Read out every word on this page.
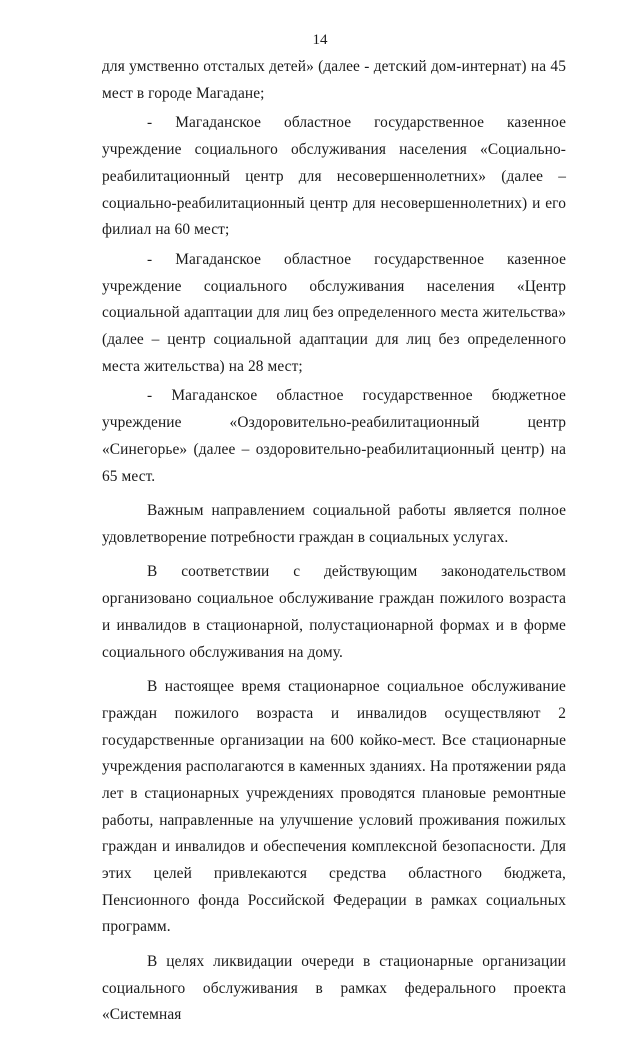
14

для умственно отсталых детей» (далее - детский дом-интернат) на 45 мест в городе Магадане;

- Магаданское областное государственное казенное учреждение социального обслуживания населения «Социально-реабилитационный центр для несовершеннолетних» (далее – социально-реабилитационный центр для несовершеннолетних) и его филиал на 60 мест;

- Магаданское областное государственное казенное учреждение социального обслуживания населения «Центр социальной адаптации для лиц без определенного места жительства» (далее – центр социальной адаптации для лиц без определенного места жительства) на 28 мест;

- Магаданское областное государственное бюджетное учреждение «Оздоровительно-реабилитационный центр «Синегорье» (далее – оздоровительно-реабилитационный центр) на 65 мест.

Важным направлением социальной работы является полное удовлетворение потребности граждан в социальных услугах.

В соответствии с действующим законодательством организовано социальное обслуживание граждан пожилого возраста и инвалидов в стационарной, полустационарной формах и в форме социального обслуживания на дому.

В настоящее время стационарное социальное обслуживание граждан пожилого возраста и инвалидов осуществляют 2 государственные организации на 600 койко-мест. Все стационарные учреждения располагаются в каменных зданиях. На протяжении ряда лет в стационарных учреждениях проводятся плановые ремонтные работы, направленные на улучшение условий проживания пожилых граждан и инвалидов и обеспечения комплексной безопасности. Для этих целей привлекаются средства областного бюджета, Пенсионного фонда Российской Федерации в рамках социальных программ.

В целях ликвидации очереди в стационарные организации социального обслуживания в рамках федерального проекта «Системная
